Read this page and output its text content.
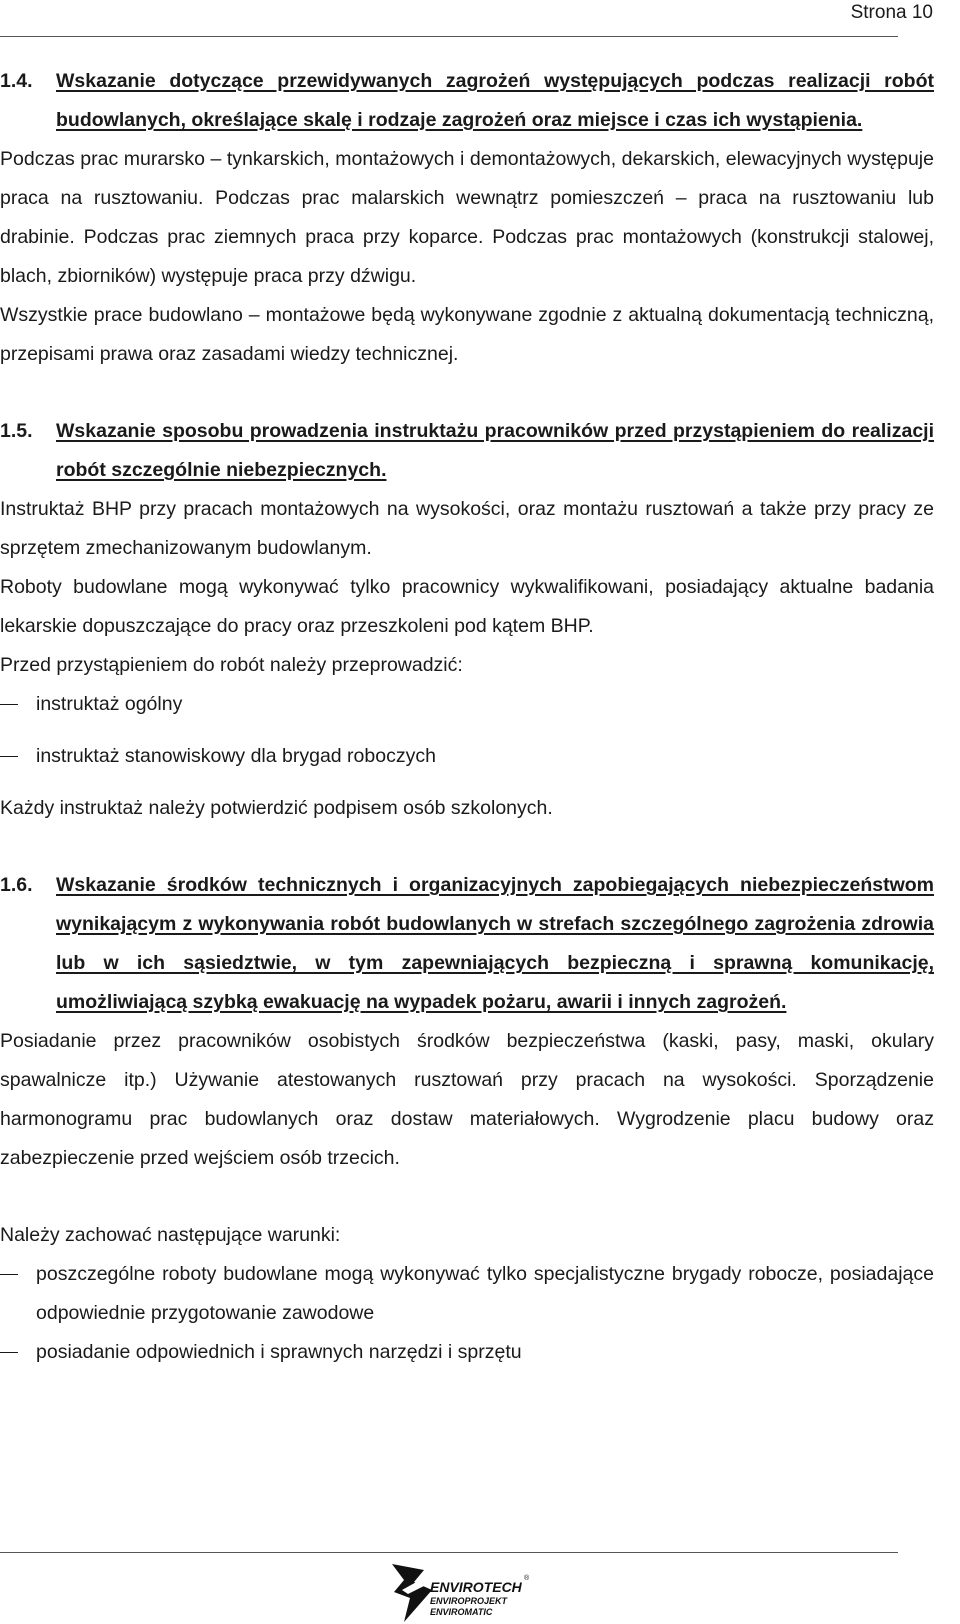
Strona 10
1.4.	Wskazanie dotyczące przewidywanych zagrożeń występujących podczas realizacji robót budowlanych, określające skalę i rodzaje zagrożeń oraz miejsce i czas ich wystąpienia.

Podczas prac murarsko – tynkarskich, montażowych i demontażowych, dekarskich, elewacyjnych występuje praca na rusztowaniu. Podczas prac malarskich wewnątrz pomieszczeń – praca na rusztowaniu lub drabinie. Podczas prac ziemnych praca przy koparce. Podczas prac montażowych (konstrukcji stalowej, blach, zbiorników) występuje praca przy dźwigu.

Wszystkie prace budowlano – montażowe będą wykonywane zgodnie z aktualną dokumentacją techniczną, przepisami prawa oraz zasadami wiedzy technicznej.

1.5.	Wskazanie sposobu prowadzenia instruktażu pracowników przed przystąpieniem do realizacji robót szczególnie niebezpiecznych.

Instruktaż BHP przy pracach montażowych na wysokości, oraz montażu rusztowań a także przy pracy ze sprzętem zmechanizowanym budowlanym.

Roboty budowlane mogą wykonywać tylko pracownicy wykwalifikowani, posiadający aktualne badania lekarskie dopuszczające do pracy oraz przeszkoleni pod kątem BHP.

Przed przystąpieniem do robót należy przeprowadzić:

instruktaż ogólny
instruktaż stanowiskowy dla brygad roboczych

Każdy instruktaż należy potwierdzić podpisem osób szkolonych.

1.6.	Wskazanie środków technicznych i organizacyjnych zapobiegających niebezpieczeństwom wynikającym z wykonywania robót budowlanych w strefach szczególnego zagrożenia zdrowia lub w ich sąsiedztwie, w tym zapewniających bezpieczną i sprawną komunikację, umożliwiającą szybką ewakuację na wypadek pożaru, awarii i innych zagrożeń.

Posiadanie przez pracowników osobistych środków bezpieczeństwa (kaski, pasy, maski, okulary spawalnicze itp.) Używanie atestowanych rusztowań przy pracach na wysokości. Sporządzenie harmonogramu prac budowlanych oraz dostaw materiałowych. Wygrodzenie placu budowy oraz zabezpieczenie przed wejściem osób trzecich.

Należy zachować następujące warunki:

poszczególne roboty budowlane mogą wykonywać tylko specjalistyczne brygady robocze, posiadające odpowiednie przygotowanie zawodowe
posiadanie odpowiednich i sprawnych narzędzi i sprzętu
ENVIROTECH
®
ENVIROPROJEKT
ENVIROMATIC
